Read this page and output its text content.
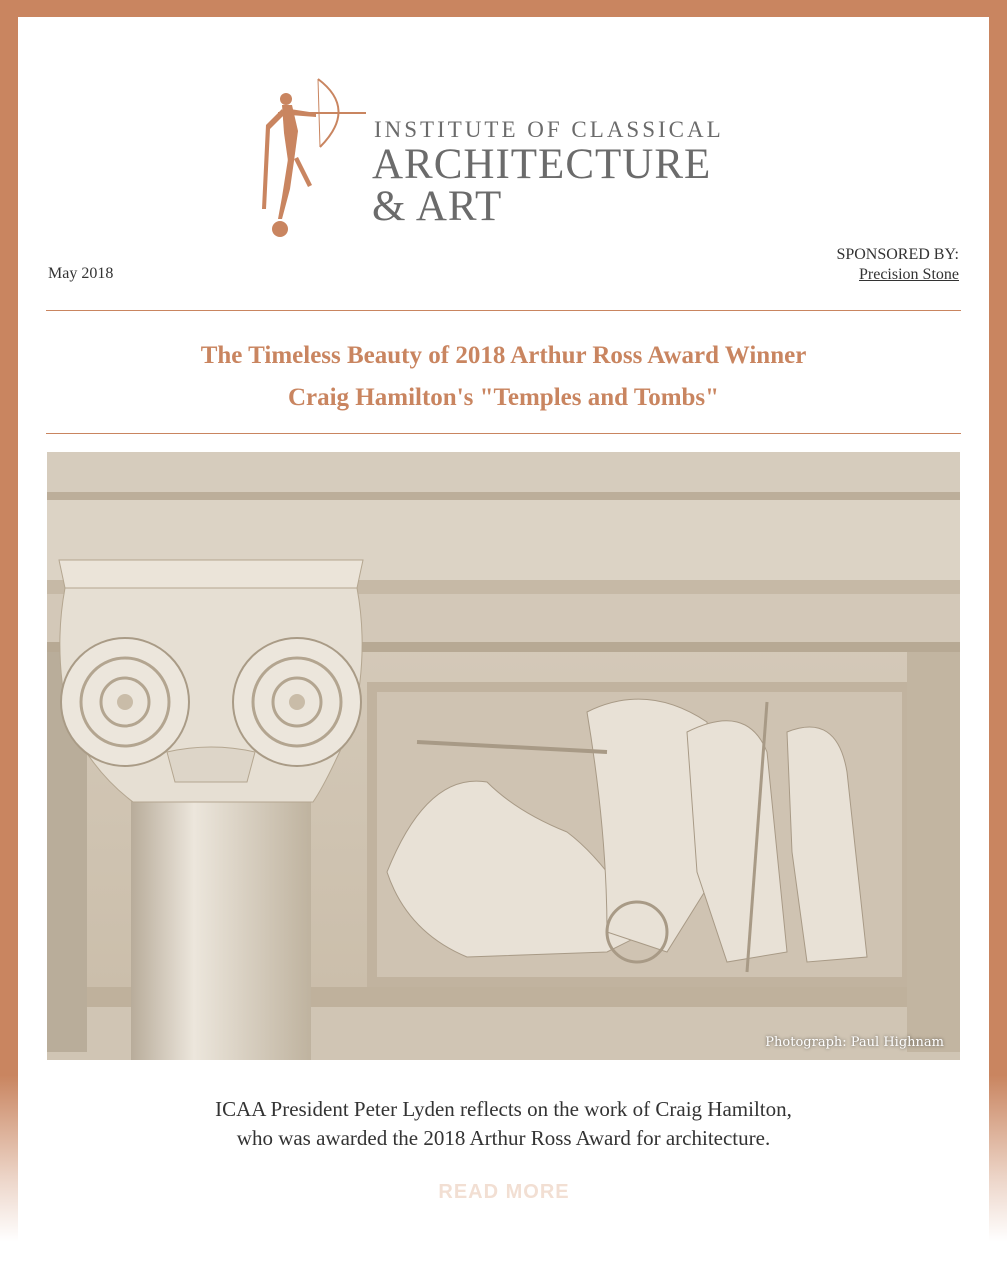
INSTITUTE OF CLASSICAL
ARCHITECTURE
& ART
May 2018
SPONSORED BY:
Precision Stone
The Timeless Beauty of 2018 Arthur Ross Award Winner
Craig Hamilton's "Temples and Tombs"
Photograph: Paul Highnam
ICAA President Peter Lyden reflects on the work of Craig Hamilton,
who was awarded the 2018 Arthur Ross Award for architecture.
READ MORE
